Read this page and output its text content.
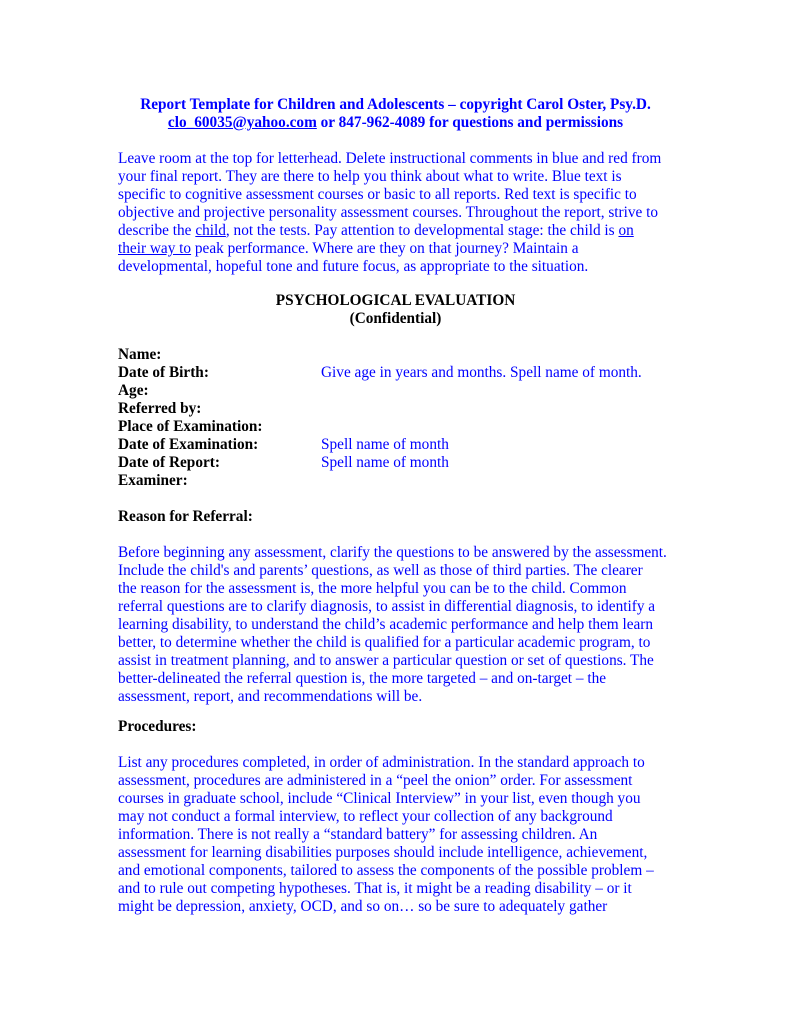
Report Template for Children and Adolescents – copyright Carol Oster, Psy.D.
clo_60035@yahoo.com or 847-962-4089 for questions and permissions
Leave room at the top for letterhead. Delete instructional comments in blue and red from
your final report. They are there to help you think about what to write. Blue text is
specific to cognitive assessment courses or basic to all reports. Red text is specific to
objective and projective personality assessment courses. Throughout the report, strive to
describe the child, not the tests. Pay attention to developmental stage: the child is on
their way to peak performance. Where are they on that journey? Maintain a
developmental, hopeful tone and future focus, as appropriate to the situation.
PSYCHOLOGICAL EVALUATION
(Confidential)
Name:
Date of Birth:	Give age in years and months. Spell name of month.
Age:
Referred by:
Place of Examination:
Date of Examination:	Spell name of month
Date of Report:	Spell name of month
Examiner:
Reason for Referral:
Before beginning any assessment, clarify the questions to be answered by the assessment.
Include the child's and parents’ questions, as well as those of third parties. The clearer
the reason for the assessment is, the more helpful you can be to the child. Common
referral questions are to clarify diagnosis, to assist in differential diagnosis, to identify a
learning disability, to understand the child’s academic performance and help them learn
better, to determine whether the child is qualified for a particular academic program, to
assist in treatment planning, and to answer a particular question or set of questions. The
better-delineated the referral question is, the more targeted – and on-target – the
assessment, report, and recommendations will be.
Procedures:
List any procedures completed, in order of administration. In the standard approach to
assessment, procedures are administered in a “peel the onion” order. For assessment
courses in graduate school, include “Clinical Interview” in your list, even though you
may not conduct a formal interview, to reflect your collection of any background
information. There is not really a “standard battery” for assessing children. An
assessment for learning disabilities purposes should include intelligence, achievement,
and emotional components, tailored to assess the components of the possible problem –
and to rule out competing hypotheses. That is, it might be a reading disability – or it
might be depression, anxiety, OCD, and so on… so be sure to adequately gather
